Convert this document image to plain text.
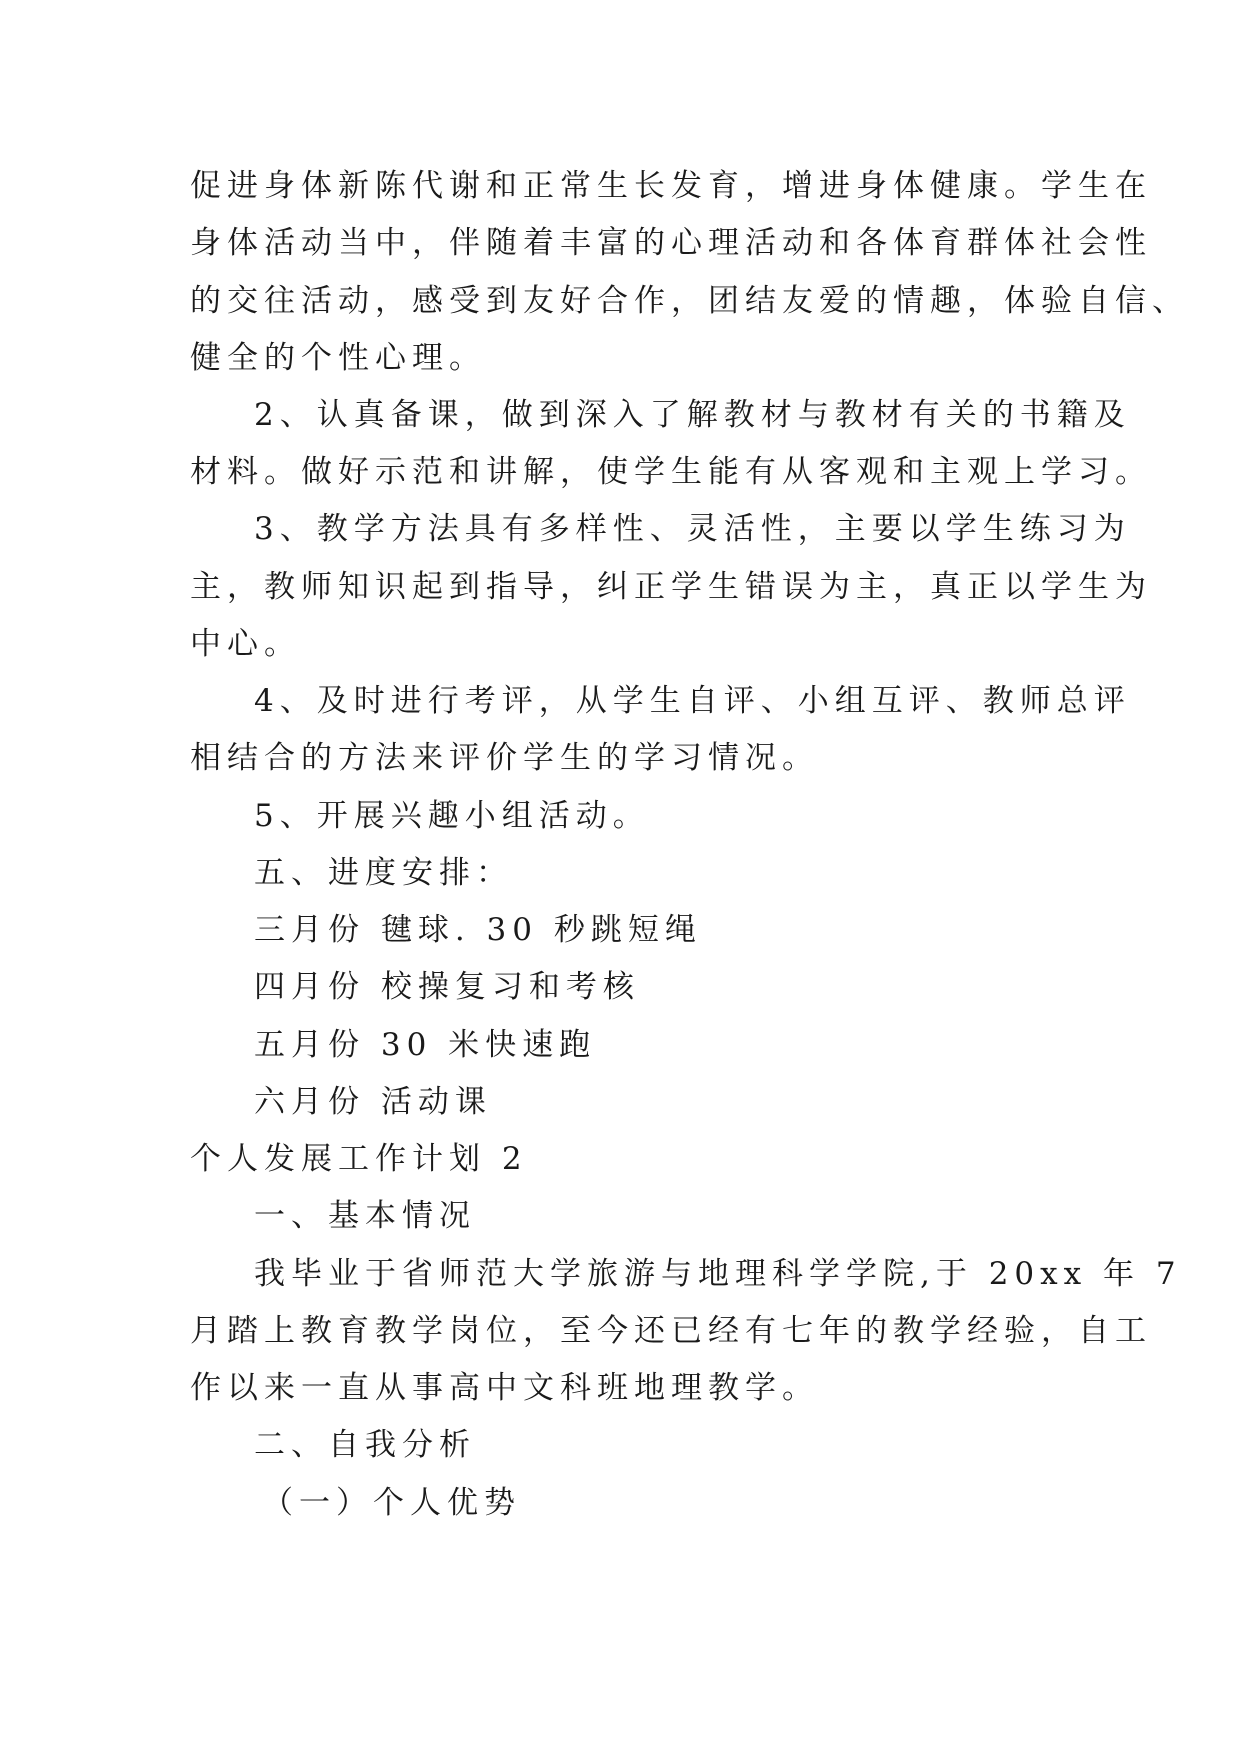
促进身体新陈代谢和正常生长发育，增进身体健康。学生在
身体活动当中，伴随着丰富的心理活动和各体育群体社会性
的交往活动，感受到友好合作，团结友爱的情趣，体验自信、
健全的个性心理。
2、认真备课，做到深入了解教材与教材有关的书籍及
材料。做好示范和讲解，使学生能有从客观和主观上学习。
3、教学方法具有多样性、灵活性，主要以学生练习为
主，教师知识起到指导，纠正学生错误为主，真正以学生为
中心。
4、及时进行考评，从学生自评、小组互评、教师总评
相结合的方法来评价学生的学习情况。
5、开展兴趣小组活动。
五、进度安排：
三月份 毽球. 30 秒跳短绳
四月份 校操复习和考核
五月份 30 米快速跑
六月份 活动课
个人发展工作计划 2
一、基本情况
我毕业于省师范大学旅游与地理科学学院,于 20xx 年 7
月踏上教育教学岗位，至今还已经有七年的教学经验，自工
作以来一直从事高中文科班地理教学。
二、自我分析
（一）个人优势
